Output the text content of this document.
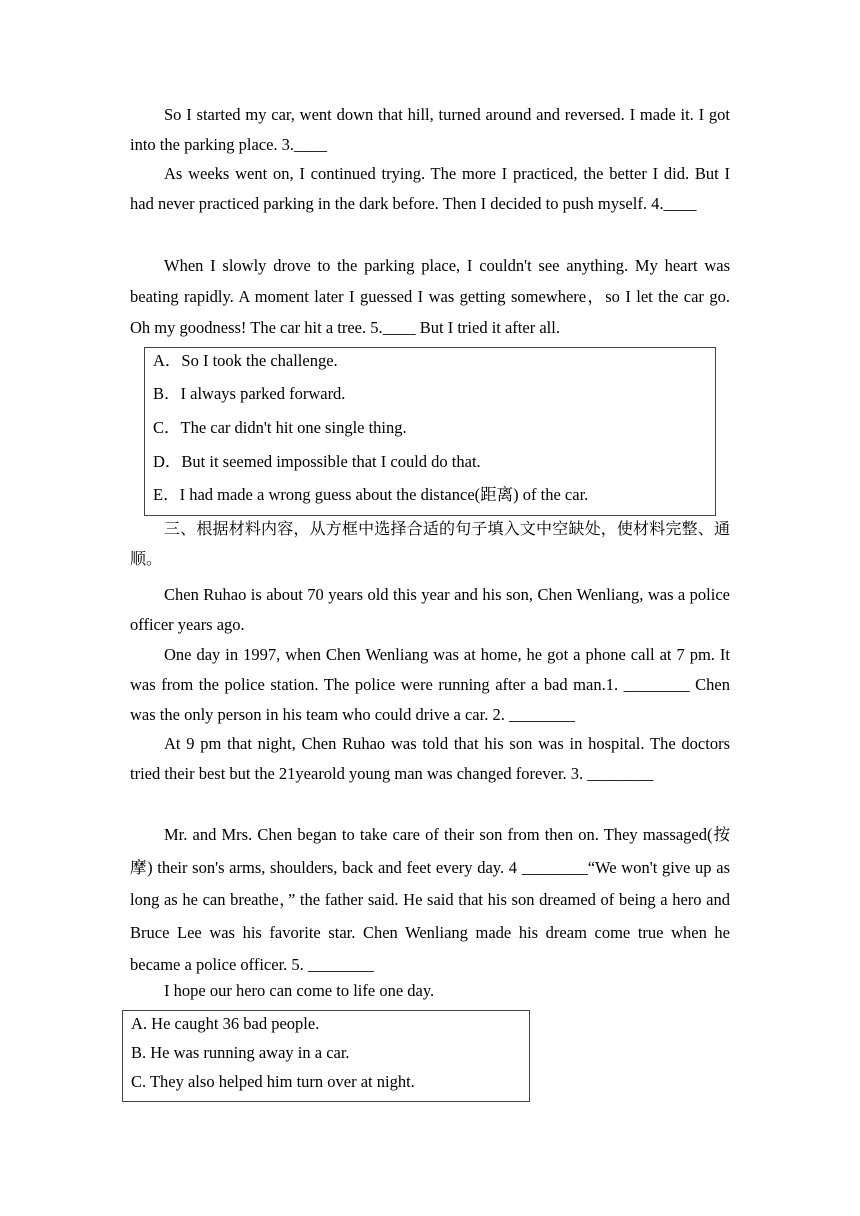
So I started my car, went down that hill, turned around and reversed. I made it. I got into the parking place. 3.____

As weeks went on, I continued trying. The more I practiced, the better I did. But I had never practiced parking in the dark before. Then I decided to push myself. 4.____

When I slowly drove to the parking place, I couldn't see anything. My heart was beating rapidly. A moment later I guessed I was getting somewhere，so I let the car go. Oh my goodness! The car hit a tree. 5.____ But I tried it after all.

A．So I took the challenge.
B．I always parked forward.
C．The car didn't hit one single thing.
D．But it seemed impossible that I could do that.
E．I had made a wrong guess about the distance(距离) of the car.

三、根据材料内容，从方框中选择合适的句子填入文中空缺处，使材料完整、通顺。

Chen Ruhao is about 70 years old this year and his son, Chen Wenliang, was a police officer years ago.

One day in 1997, when Chen Wenliang was at home, he got a phone call at 7 pm. It was from the police station. The police were running after a bad man.1. ________ Chen was the only person in his team who could drive a car. 2. ________

At 9 pm that night, Chen Ruhao was told that his son was in hospital. The doctors tried their best but the 21yearold young man was changed forever. 3. ________

Mr. and Mrs. Chen began to take care of their son from then on. They massaged(按摩) their son's arms, shoulders, back and feet every day. 4 ________“We won't give up as long as he can breathe，” the father said. He said that his son dreamed of being a hero and Bruce Lee was his favorite star. Chen Wenliang made his dream come true when he became a police officer. 5. ________

I hope our hero can come to life one day.

A. He caught 36 bad people.
B. He was running away in a car.
C. They also helped him turn over at night.
